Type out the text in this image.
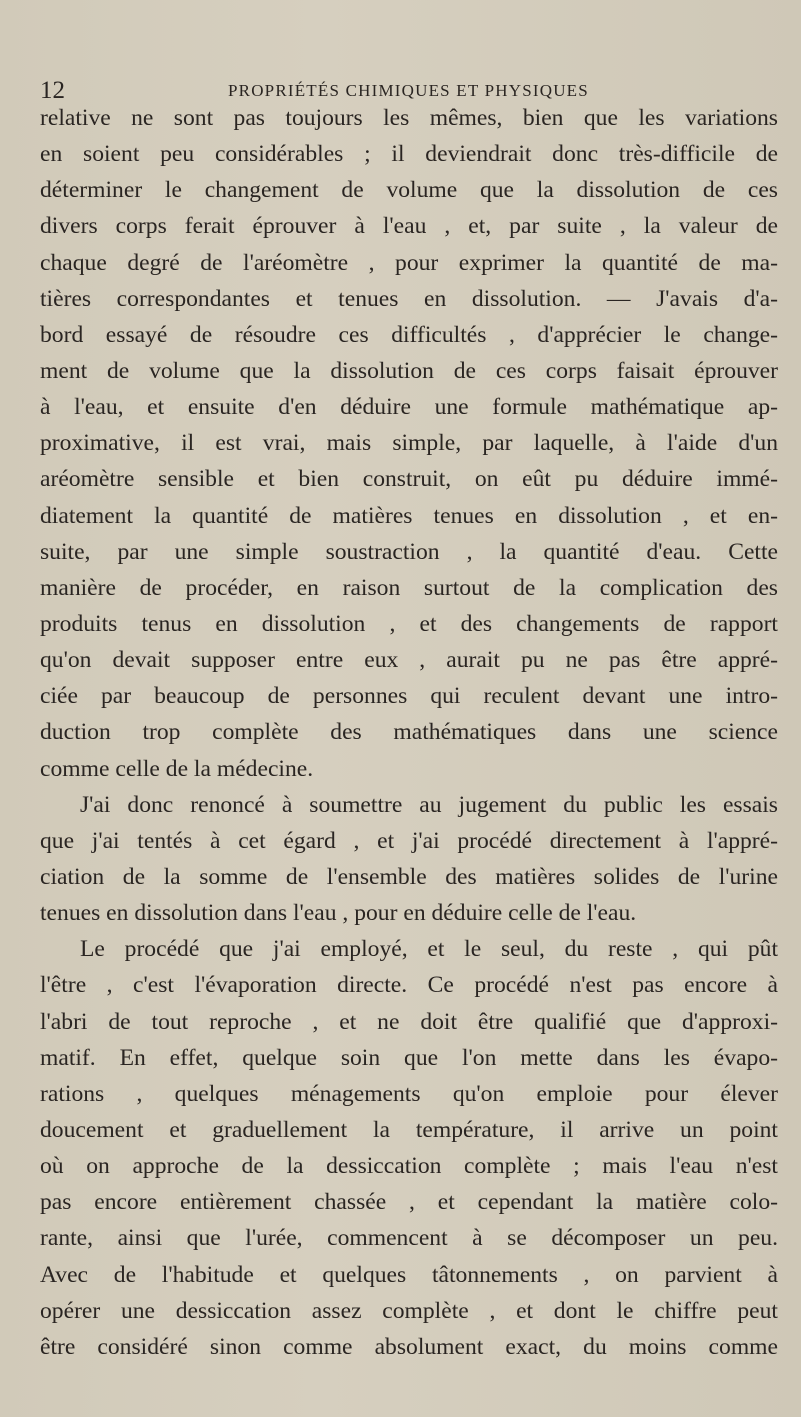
12	PROPRIÉTÉS CHIMIQUES ET PHYSIQUES
relative ne sont pas toujours les mêmes, bien que les variations
en soient peu considérables ; il deviendrait donc très-difficile de
déterminer le changement de volume que la dissolution de ces
divers corps ferait éprouver à l'eau , et, par suite , la valeur de
chaque degré de l'aréomètre , pour exprimer la quantité de ma-
tières correspondantes et tenues en dissolution. — J'avais d'a-
bord essayé de résoudre ces difficultés , d'apprécier le change-
ment de volume que la dissolution de ces corps faisait éprouver
à l'eau, et ensuite d'en déduire une formule mathématique ap-
proximative, il est vrai, mais simple, par laquelle, à l'aide d'un
aréomètre sensible et bien construit, on eût pu déduire immé-
diatement la quantité de matières tenues en dissolution , et en-
suite, par une simple soustraction , la quantité d'eau. Cette
manière de procéder, en raison surtout de la complication des
produits tenus en dissolution , et des changements de rapport
qu'on devait supposer entre eux , aurait pu ne pas être appré-
ciée par beaucoup de personnes qui reculent devant une intro-
duction trop complète des mathématiques dans une science
comme celle de la médecine.
J'ai donc renoncé à soumettre au jugement du public les essais
que j'ai tentés à cet égard , et j'ai procédé directement à l'appré-
ciation de la somme de l'ensemble des matières solides de l'urine
tenues en dissolution dans l'eau , pour en déduire celle de l'eau.
Le procédé que j'ai employé, et le seul, du reste , qui pût
l'être , c'est l'évaporation directe. Ce procédé n'est pas encore à
l'abri de tout reproche , et ne doit être qualifié que d'approxi-
matif. En effet, quelque soin que l'on mette dans les évapo-
rations , quelques ménagements qu'on emploie pour élever
doucement et graduellement la température, il arrive un point
où on approche de la dessiccation complète ; mais l'eau n'est
pas encore entièrement chassée , et cependant la matière colo-
rante, ainsi que l'urée, commencent à se décomposer un peu.
Avec de l'habitude et quelques tâtonnements , on parvient à
opérer une dessiccation assez complète , et dont le chiffre peut
être considéré sinon comme absolument exact, du moins comme
